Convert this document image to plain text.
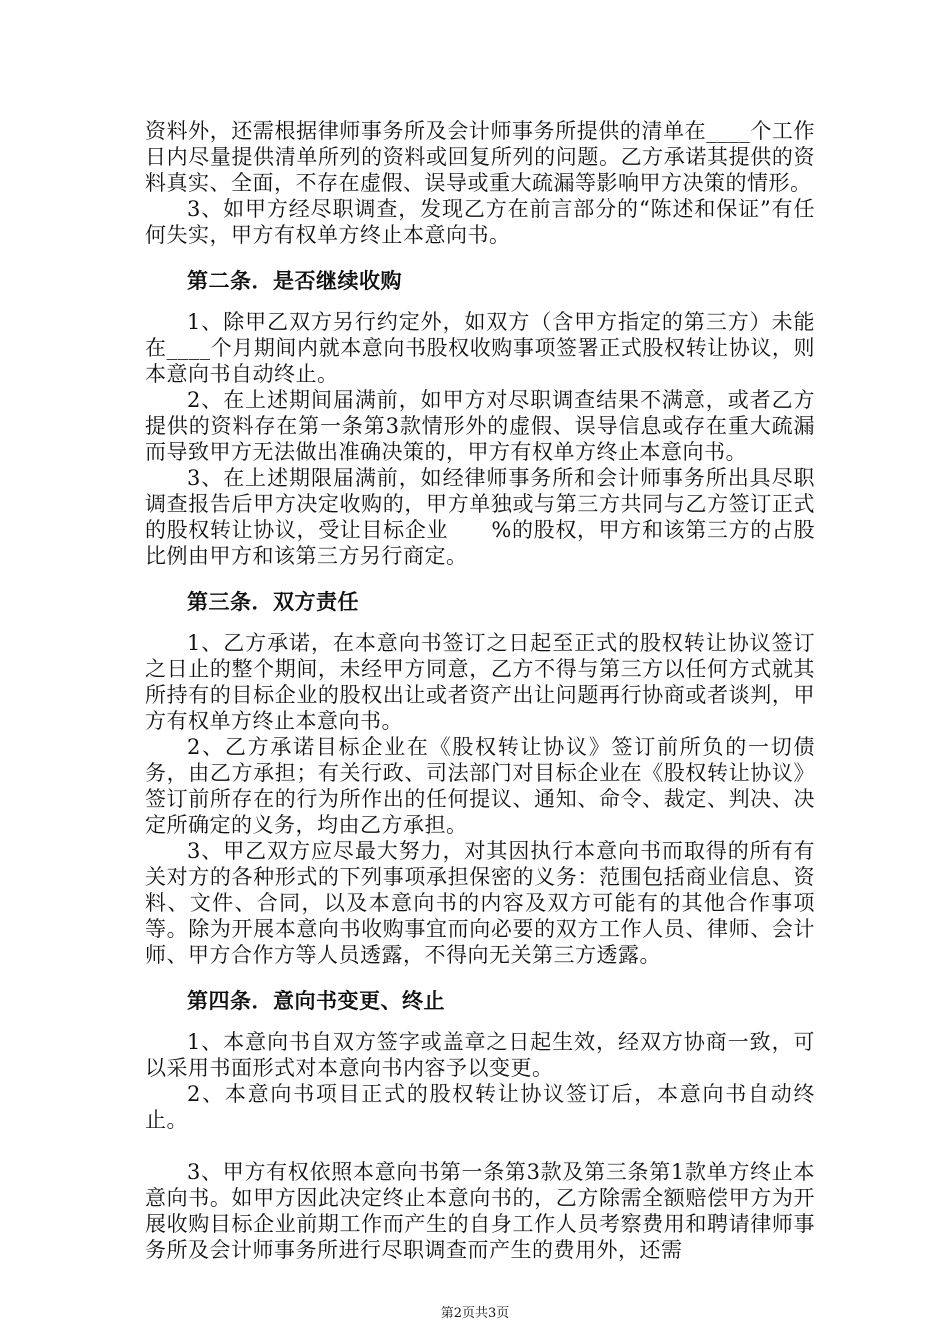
资料外，还需根据律师事务所及会计师事务所提供的清单在____个工作日内尽量提供清单所列的资料或回复所列的问题。乙方承诺其提供的资料真实、全面，不存在虚假、误导或重大疏漏等影响甲方决策的情形。

3、如甲方经尽职调查，发现乙方在前言部分的“陈述和保证”有任何失实，甲方有权单方终止本意向书。

第二条．是否继续收购

1、除甲乙双方另行约定外，如双方（含甲方指定的第三方）未能在____个月期间内就本意向书股权收购事项签署正式股权转让协议，则本意向书自动终止。

2、在上述期间届满前，如甲方对尽职调查结果不满意，或者乙方提供的资料存在第一条第3款情形外的虚假、误导信息或存在重大疏漏而导致甲方无法做出准确决策的，甲方有权单方终止本意向书。

3、在上述期限届满前，如经律师事务所和会计师事务所出具尽职调查报告后甲方决定收购的，甲方单独或与第三方共同与乙方签订正式的股权转让协议，受让目标企业　　%的股权，甲方和该第三方的占股比例由甲方和该第三方另行商定。

第三条．双方责任

1、乙方承诺，在本意向书签订之日起至正式的股权转让协议签订之日止的整个期间，未经甲方同意，乙方不得与第三方以任何方式就其所持有的目标企业的股权出让或者资产出让问题再行协商或者谈判，甲方有权单方终止本意向书。

2、乙方承诺目标企业在《股权转让协议》签订前所负的一切债务，由乙方承担；有关行政、司法部门对目标企业在《股权转让协议》签订前所存在的行为所作出的任何提议、通知、命令、裁定、判决、决定所确定的义务，均由乙方承担。

3、甲乙双方应尽最大努力，对其因执行本意向书而取得的所有有关对方的各种形式的下列事项承担保密的义务：范围包括商业信息、资料、文件、合同，以及本意向书的内容及双方可能有的其他合作事项等。除为开展本意向书收购事宜而向必要的双方工作人员、律师、会计师、甲方合作方等人员透露，不得向无关第三方透露。

第四条．意向书变更、终止

1、本意向书自双方签字或盖章之日起生效，经双方协商一致，可以采用书面形式对本意向书内容予以变更。

2、本意向书项目正式的股权转让协议签订后，本意向书自动终止。

3、甲方有权依照本意向书第一条第3款及第三条第1款单方终止本意向书。如甲方因此决定终止本意向书的，乙方除需全额赔偿甲方为开展收购目标企业前期工作而产生的自身工作人员考察费用和聘请律师事务所及会计师事务所进行尽职调查而产生的费用外，还需

第2页共3页
